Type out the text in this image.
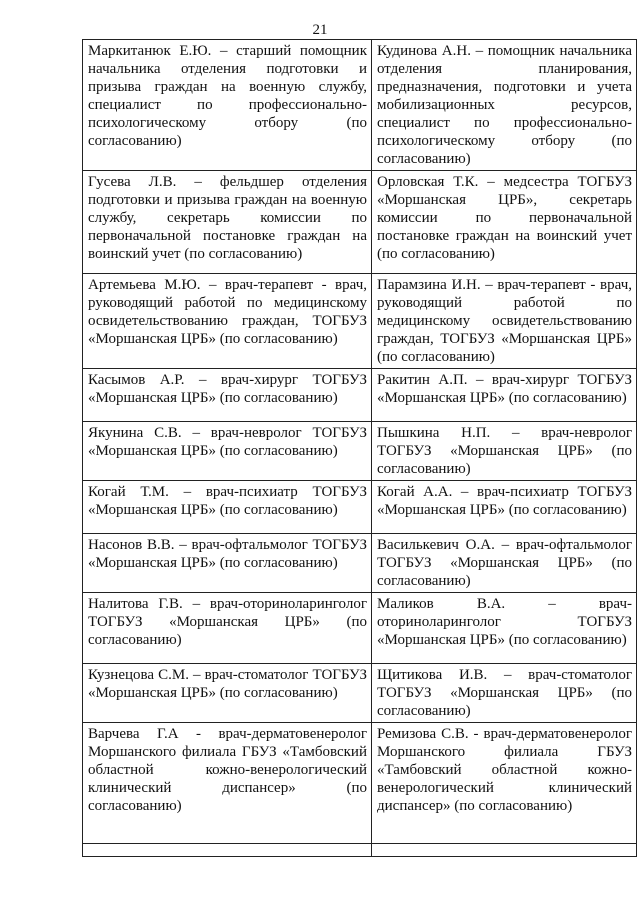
21
Маркитанюк Е.Ю. – старший помощник начальника отделения подготовки и призыва граждан на военную службу, специалист по профессионально-психологическому отбору (по согласованию)	Кудинова А.Н. – помощник начальника отделения планирования, предназначения, подготовки и учета мобилизационных ресурсов, специалист по профессионально-психологическому отбору (по согласованию)
Гусева Л.В. – фельдшер отделения подготовки и призыва граждан на военную службу, секретарь комиссии по первоначальной постановке граждан на воинский учет (по согласованию)	Орловская Т.К. – медсестра ТОГБУЗ «Моршанская ЦРБ», секретарь комиссии по первоначальной постановке граждан на воинский учет (по согласованию)
Артемьева М.Ю. – врач-терапевт - врач, руководящий работой по медицинскому освидетельствованию граждан, ТОГБУЗ «Моршанская ЦРБ» (по согласованию)	Парамзина И.Н. – врач-терапевт - врач, руководящий работой по медицинскому освидетельствованию граждан, ТОГБУЗ «Моршанская ЦРБ» (по согласованию)
Касымов А.Р. – врач-хирург ТОГБУЗ «Моршанская ЦРБ» (по согласованию)	Ракитин А.П. – врач-хирург ТОГБУЗ «Моршанская ЦРБ» (по согласованию)
Якунина С.В. – врач-невролог ТОГБУЗ «Моршанская ЦРБ» (по согласованию)	Пышкина Н.П. – врач-невролог ТОГБУЗ «Моршанская ЦРБ» (по согласованию)
Когай Т.М. – врач-психиатр ТОГБУЗ «Моршанская ЦРБ» (по согласованию)	Когай А.А. – врач-психиатр ТОГБУЗ «Моршанская ЦРБ» (по согласованию)
Насонов В.В. – врач-офтальмолог ТОГБУЗ «Моршанская ЦРБ» (по согласованию)	Василькевич О.А. – врач-офтальмолог ТОГБУЗ «Моршанская ЦРБ» (по согласованию)
Налитова Г.В. – врач-оториноларинголог ТОГБУЗ «Моршанская ЦРБ» (по согласованию)	Маликов В.А. – врач-оториноларинголог ТОГБУЗ «Моршанская ЦРБ» (по согласованию)
Кузнецова С.М. – врач-стоматолог ТОГБУЗ «Моршанская ЦРБ» (по согласованию)	Щитикова И.В. – врач-стоматолог ТОГБУЗ «Моршанская ЦРБ» (по согласованию)
Варчева Г.А - врач-дерматовенеролог Моршанского филиала ГБУЗ «Тамбовский областной кожно-венерологический клинический диспансер» (по согласованию)	Ремизова С.В. - врач-дерматовенеролог Моршанского филиала ГБУЗ «Тамбовский областной кожно-венерологический клинический диспансер» (по согласованию)
